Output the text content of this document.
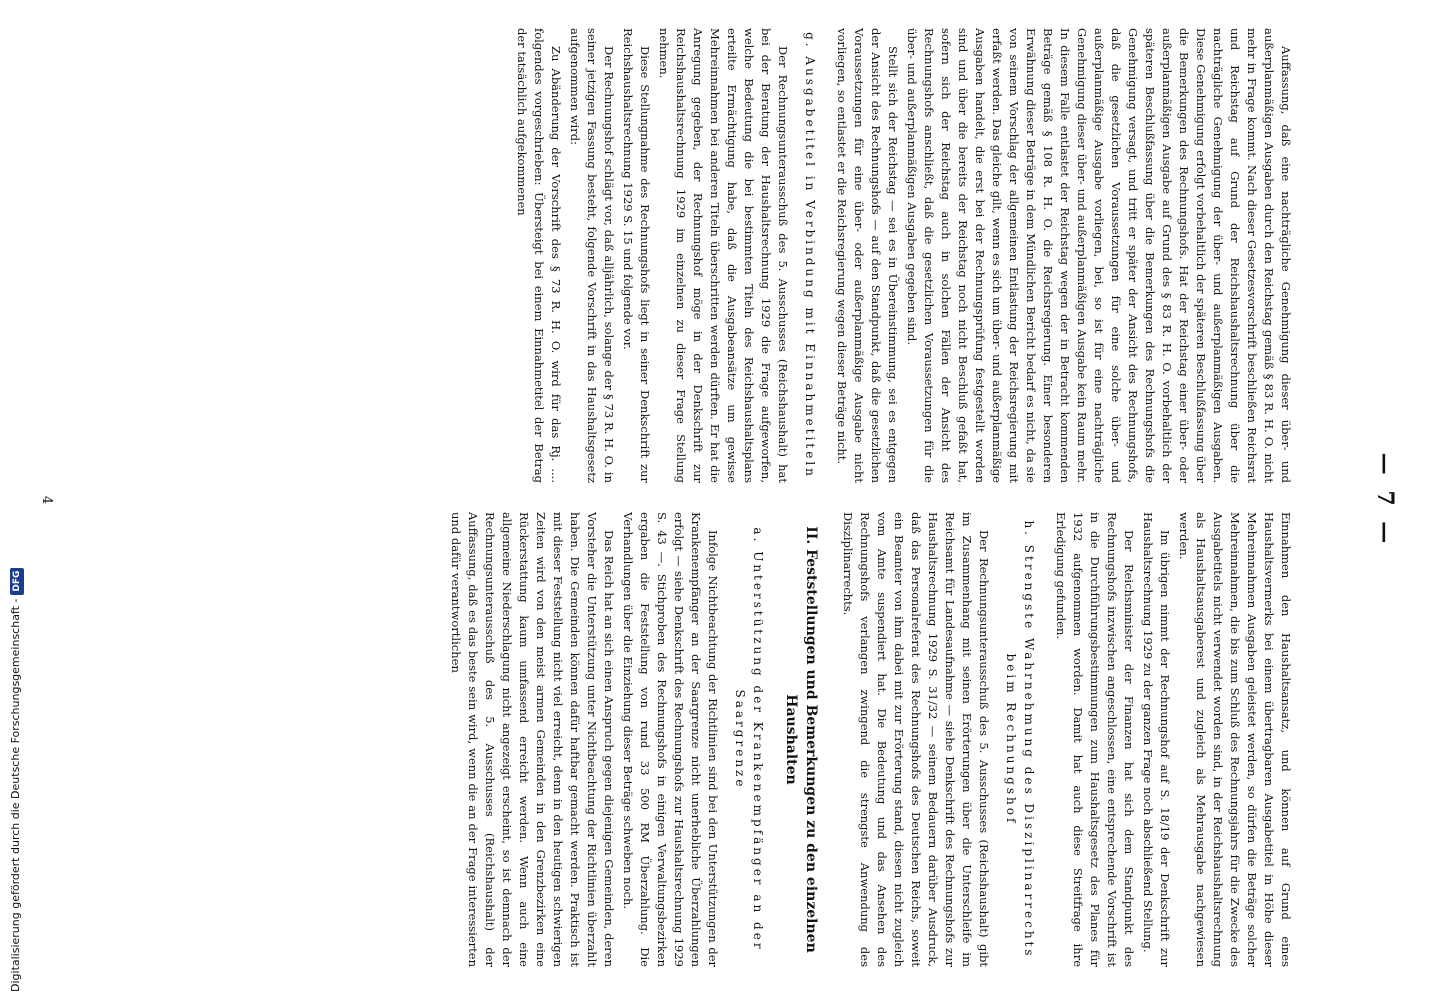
— 7 —

Auffassung, daß eine nachträgliche Genehmigung dieser über- und außerplanmäßigen Ausgaben durch den Reichstag gemäß § 83 R. H. O. nicht mehr in Frage kommt. Nach dieser Gesetzesvorschrift beschließen Reichsrat und Reichstag auf Grund der Reichshaushaltsrechnung über die nachträgliche Genehmigung der über- und außerplanmäßigen Ausgaben. Diese Genehmigung erfolgt vorbehaltlich der späteren Beschlußfassung über die Bemerkungen des Rechnungshofs. Hat der Reichstag einer über- oder außerplanmäßigen Ausgabe auf Grund des § 83 R. H. O. vorbehaltlich der späteren Beschlußfassung über die Bemerkungen des Rechnungshofs die Genehmigung versagt, und tritt er später der Ansicht des Rechnungshofs, daß die gesetzlichen Voraussetzungen für eine solche über- und außerplanmäßige Ausgabe vorliegen, bei, so ist für eine nachträgliche Genehmigung dieser über- und außerplanmäßigen Ausgabe kein Raum mehr. In diesem Falle entlastet der Reichstag wegen der in Betracht kommenden Beträge gemäß § 108 R. H. O. die Reichsregierung. Einer besonderen Erwähnung dieser Beträge in dem Mündlichen Bericht bedarf es nicht, da sie von seinem Vorschlag der allgemeinen Entlastung der Reichsregierung mit erfaßt werden. Das gleiche gilt, wenn es sich um über- und außerplanmäßige Ausgaben handelt, die erst bei der Rechnungsprüfung festgestellt worden sind und über die bereits der Reichstag noch nicht Beschluß gefaßt hat, sofern sich der Reichstag auch in solchen Fällen der Ansicht des Rechnungshofs anschließt, daß die gesetzlichen Voraussetzungen für die über- und außerplanmäßigen Ausgaben gegeben sind.

Stellt sich der Reichstag — sei es in Übereinstimmung, sei es entgegen der Ansicht des Rechnungshofs — auf den Standpunkt, daß die gesetzlichen Voraussetzungen für eine über- oder außerplanmäßige Ausgabe nicht vorliegen, so entlastet er die Reichsregierung wegen dieser Beträge nicht.

g. Ausgabetitel in Verbindung mit Einnahmetiteln

Der Rechnungsunterausschuß des 5. Ausschusses (Reichshaushalt) hat bei der Beratung der Haushaltsrechnung 1929 die Frage aufgeworfen, welche Bedeutung die bei bestimmten Titeln des Reichshaushaltsplans erteilte Ermächtigung habe, daß die Ausgabeansätze um gewisse Mehreinnahmen bei anderen Titeln überschritten werden dürften. Er hat die Anregung gegeben, der Rechnungshof möge in der Denkschrift zur Reichshaushaltsrechnung 1929 im einzelnen zu dieser Frage Stellung nehmen.

Diese Stellungnahme des Rechnungshofs liegt in seiner Denkschrift zur Reichshaushaltsrechnung 1929 S. 15 und folgende vor.

Der Rechnungshof schlägt vor, daß alljährlich, solange der § 73 R. H. O. in seiner jetzigen Fassung besteht, folgende Vorschrift in das Haushaltsgesetz aufgenommen wird:

Zu Abänderung der Vorschrift des § 73 R. H. O. wird für das Rj. .... folgendes vorgeschrieben: Übersteigt bei einem Einnahmetitel der Betrag der tatsächlich aufgekommenen

Einnahmen den Haushaltsansatz, und können auf Grund eines Haushaltsvermerks bei einem übertragbaren Ausgabetitel in Höhe dieser Mehreinnahmen Ausgaben geleistet werden, so dürfen die Beträge solcher Mehreinnahmen, die bis zum Schluß des Rechnungsjahrs für die Zwecke des Ausgabetitels nicht verwendet worden sind, in der Reichshaushaltsrechnung als Haushaltsausgaberest und zugleich als Mehrausgabe nachgewiesen werden.

Im übrigen nimmt der Rechnungshof auf S. 18/19 der Denkschrift zur Haushaltsrechnung 1929 zu der ganzen Frage noch abschließend Stellung.

Der Reichsminister der Finanzen hat sich dem Standpunkt des Rechnungshofs inzwischen angeschlossen, eine entsprechende Vorschrift ist in die Durchführungsbestimmungen zum Haushaltsgesetz des Planes für 1932 aufgenommen worden. Damit hat auch diese Streitfrage ihre Erledigung gefunden.

h. Strengste Wahrnehmung des Disziplinarrechts beim Rechnungshof

Der Rechnungsunterausschuß des 5. Ausschusses (Reichshaushalt) gibt im Zusammenhang mit seinen Erörterungen über die Unterschleife im Reichsamt für Landesaufnahme — siehe Denkschrift des Rechnungshofs zur Haushaltsrechnung 1929 S. 31/32 — seinem Bedauern darüber Ausdruck, daß das Personalreferat des Rechnungshofs des Deutschen Reichs, soweit ein Beamter von ihm dabei mit zur Erörterung stand, diesen nicht zugleich vom Amte suspendiert hat. Die Bedeutung und das Ansehen des Rechnungshofs verlangen zwingend die strengste Anwendung des Disziplinarrechts.

II. Feststellungen und Bemerkungen zu den einzelnen Haushalten
a. Unterstützung der Krankenempfänger an der Saargrenze

Infolge Nichtbeachtung der Richtlinien sind bei den Unterstützungen der Krankenempfänger an der Saargrenze nicht unerhebliche Überzahlungen erfolgt — siehe Denkschrift des Rechnungshofs zur Haushaltsrechnung 1929 S. 43 —. Stichproben des Rechnungshofs in einigen Verwaltungsbezirken ergaben die Feststellung von rund 33 500 RM Überzahlung. Die Verhandlungen über die Einziehung dieser Beträge schweben noch.

Das Reich hat an sich einen Anspruch gegen diejenigen Gemeinden, deren Vorsteher die Unterstützung unter Nichtbeachtung der Richtlinien überzahlt haben. Die Gemeinden können dafür haftbar gemacht werden. Praktisch ist mit dieser Feststellung nicht viel erreicht, denn in den heutigen schwierigen Zeiten wird von den meist armen Gemeinden in den Grenzbezirken eine Rückerstattung kaum umfassend erreicht werden. Wenn auch eine allgemeine Niederschlagung nicht angezeigt erscheint, so ist demnach der Rechnungsunterausschuß des 5. Ausschusses (Reichshaushalt) der Auffassung, daß es das beste sein wird, wenn die an der Frage interessierten und dafür verantwortlichen

4
Digitalisierung gefördert durch die Deutsche Forschungsgemeinschaft -DFG
